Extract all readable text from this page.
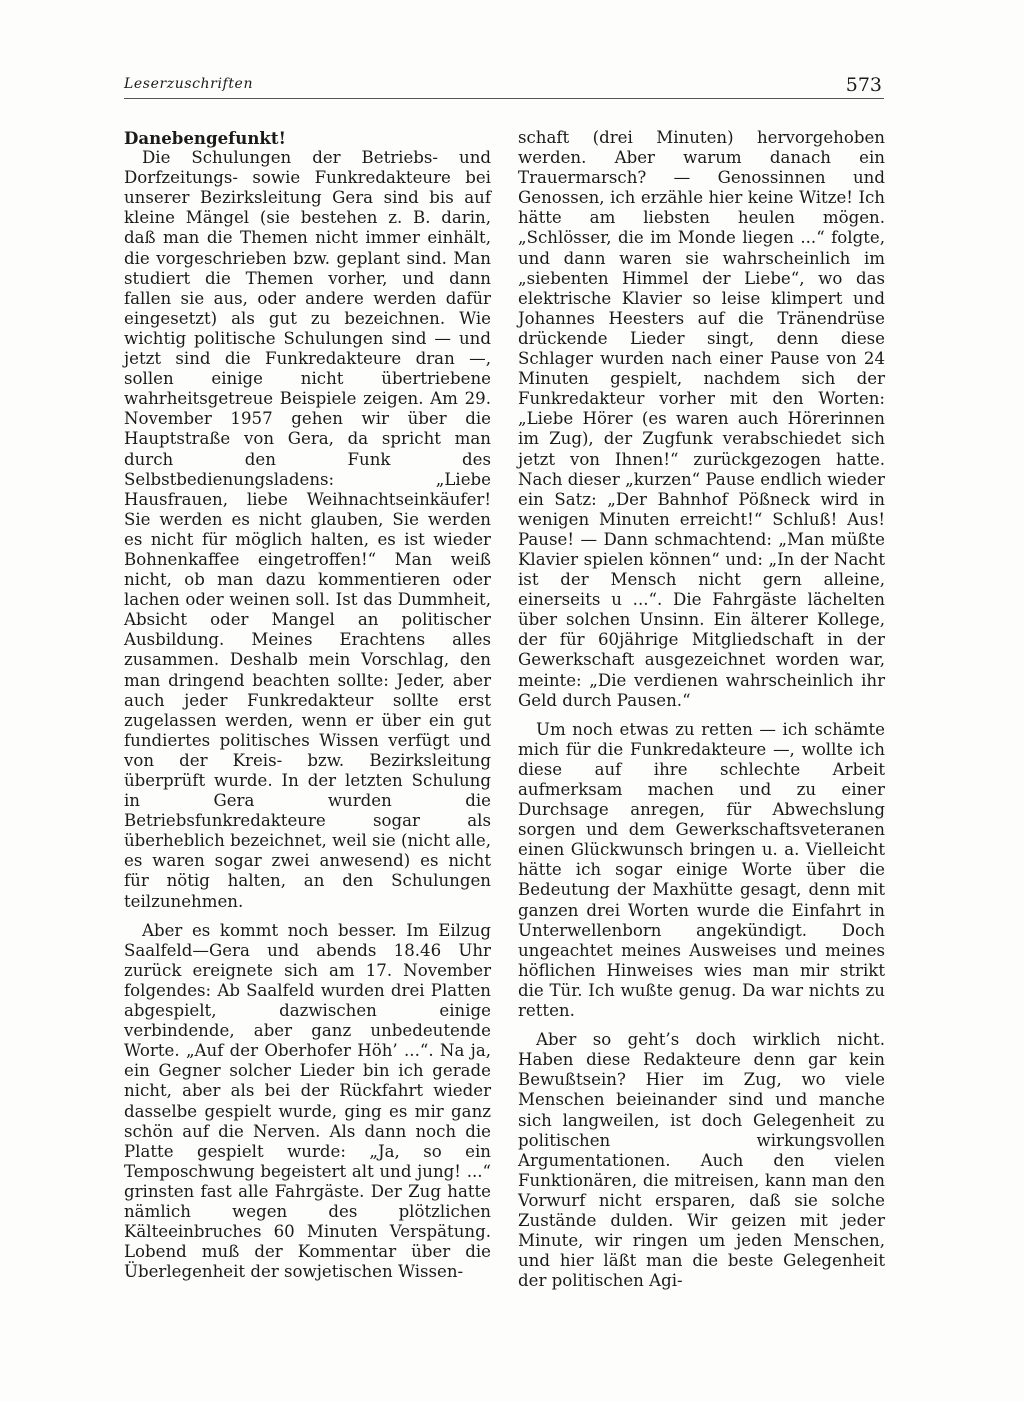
Leserzuschriften	573

Danebengefunkt!

Die Schulungen der Betriebs- und Dorfzeitungs- sowie Funkredakteure bei unserer Bezirksleitung Gera sind bis auf kleine Mängel (sie bestehen z. B. darin, daß man die Themen nicht immer einhält, die vorgeschrieben bzw. geplant sind. Man studiert die Themen vorher, und dann fallen sie aus, oder andere werden dafür eingesetzt) als gut zu bezeichnen. Wie wichtig politische Schulungen sind — und jetzt sind die Funkredakteure dran —, sollen einige nicht übertriebene wahrheitsgetreue Beispiele zeigen. Am 29. November 1957 gehen wir über die Hauptstraße von Gera, da spricht man durch den Funk des Selbstbedienungsladens: „Liebe Hausfrauen, liebe Weihnachtseinkäufer! Sie werden es nicht glauben, Sie werden es nicht für möglich halten, es ist wieder Bohnenkaffee eingetroffen!“ Man weiß nicht, ob man dazu kommentieren oder lachen oder weinen soll. Ist das Dummheit, Absicht oder Mangel an politischer Ausbildung. Meines Erachtens alles zusammen. Deshalb mein Vorschlag, den man dringend beachten sollte: Jeder, aber auch jeder Funkredakteur sollte erst zugelassen werden, wenn er über ein gut fundiertes politisches Wissen verfügt und von der Kreis- bzw. Bezirksleitung überprüft wurde. In der letzten Schulung in Gera wurden die Betriebsfunkredakteure sogar als überheblich bezeichnet, weil sie (nicht alle, es waren sogar zwei anwesend) es nicht für nötig halten, an den Schulungen teilzunehmen.

Aber es kommt noch besser. Im Eilzug Saalfeld—Gera und abends 18.46 Uhr zurück ereignete sich am 17. November folgendes: Ab Saalfeld wurden drei Platten abgespielt, dazwischen einige verbindende, aber ganz unbedeutende Worte. „Auf der Oberhofer Höh’ ...“. Na ja, ein Gegner solcher Lieder bin ich gerade nicht, aber als bei der Rückfahrt wieder dasselbe gespielt wurde, ging es mir ganz schön auf die Nerven. Als dann noch die Platte gespielt wurde: „Ja, so ein Temposchwung begeistert alt und jung! ...“ grinsten fast alle Fahrgäste. Der Zug hatte nämlich wegen des plötzlichen Kälteeinbruches 60 Minuten Verspätung. Lobend muß der Kommentar über die Überlegenheit der sowjetischen Wissen-

schaft (drei Minuten) hervorgehoben werden. Aber warum danach ein Trauermarsch? — Genossinnen und Genossen, ich erzähle hier keine Witze! Ich hätte am liebsten heulen mögen. „Schlösser, die im Monde liegen ...“ folgte, und dann waren sie wahrscheinlich im „siebenten Himmel der Liebe“, wo das elektrische Klavier so leise klimpert und Johannes Heesters auf die Tränendrüse drückende Lieder singt, denn diese Schlager wurden nach einer Pause von 24 Minuten gespielt, nachdem sich der Funkredakteur vorher mit den Worten: „Liebe Hörer (es waren auch Hörerinnen im Zug), der Zugfunk verabschiedet sich jetzt von Ihnen!“ zurückgezogen hatte. Nach dieser „kurzen“ Pause endlich wieder ein Satz: „Der Bahnhof Pößneck wird in wenigen Minuten erreicht!“ Schluß! Aus! Pause! — Dann schmachtend: „Man müßte Klavier spielen können“ und: „In der Nacht ist der Mensch nicht gern alleine, einerseits u ...“. Die Fahrgäste lächelten über solchen Unsinn. Ein älterer Kollege, der für 60jährige Mitgliedschaft in der Gewerkschaft ausgezeichnet worden war, meinte: „Die verdienen wahrscheinlich ihr Geld durch Pausen.“

Um noch etwas zu retten — ich schämte mich für die Funkredakteure —, wollte ich diese auf ihre schlechte Arbeit aufmerksam machen und zu einer Durchsage anregen, für Abwechslung sorgen und dem Gewerkschaftsveteranen einen Glückwunsch bringen u. a. Vielleicht hätte ich sogar einige Worte über die Bedeutung der Maxhütte gesagt, denn mit ganzen drei Worten wurde die Einfahrt in Unterwellenborn angekündigt. Doch ungeachtet meines Ausweises und meines höflichen Hinweises wies man mir strikt die Tür. Ich wußte genug. Da war nichts zu retten.

Aber so geht’s doch wirklich nicht. Haben diese Redakteure denn gar kein Bewußtsein? Hier im Zug, wo viele Menschen beieinander sind und manche sich langweilen, ist doch Gelegenheit zu politischen wirkungsvollen Argumentationen. Auch den vielen Funktionären, die mitreisen, kann man den Vorwurf nicht ersparen, daß sie solche Zustände dulden. Wir geizen mit jeder Minute, wir ringen um jeden Menschen, und hier läßt man die beste Gelegenheit der politischen Agi-
